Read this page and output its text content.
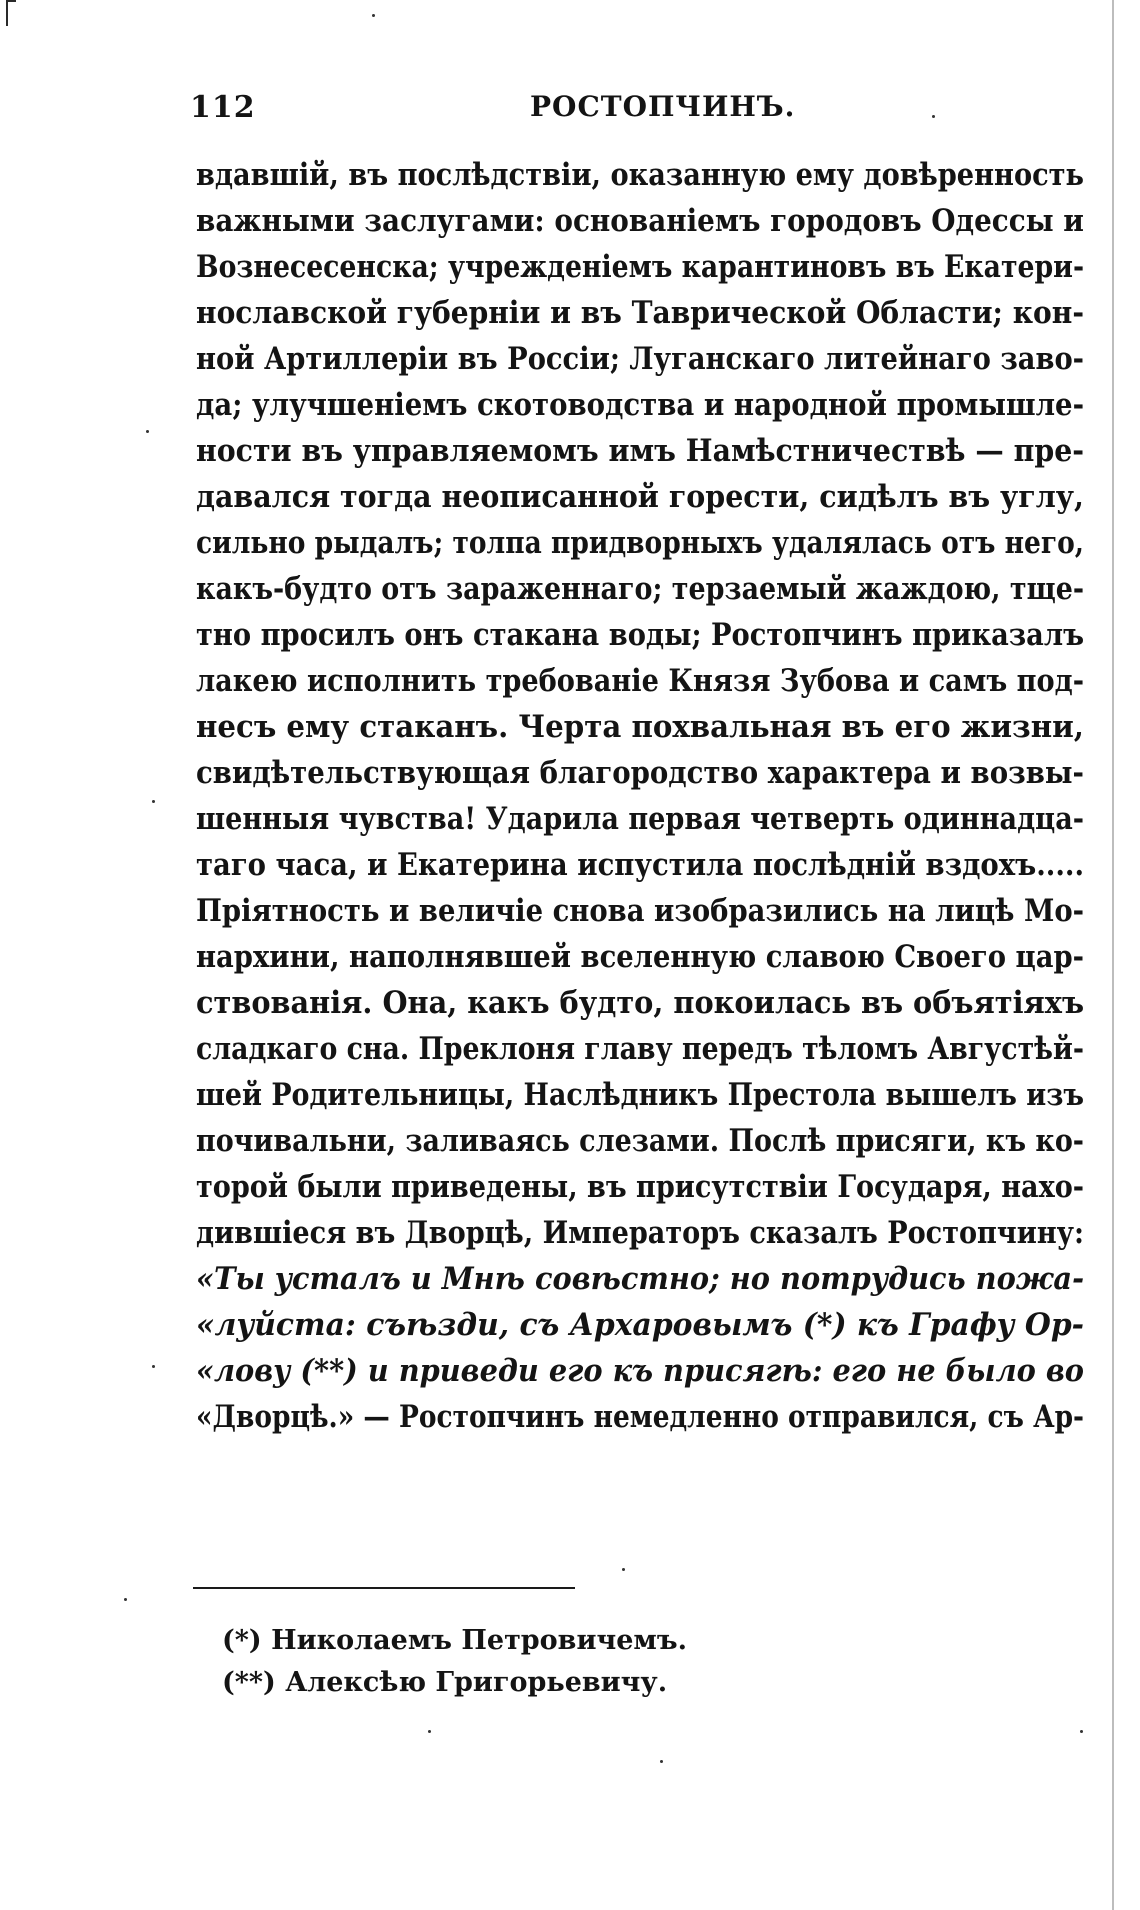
112	РОСТОПЧИНЪ.
вдавшій, въ послѣдствіи, оказанную ему довѣренность
важными заслугами: основаніемъ городовъ Одессы и
Вознесесенска; учрежденіемъ карантиновъ въ Екатери-
нославской губерніи и въ Таврической Области; кон-
ной Артиллеріи въ Россіи; Луганскаго литейнаго заво-
да; улучшеніемъ скотоводства и народной промышле-
ности въ управляемомъ имъ Намѣстничествѣ — пре-
давался тогда неописанной горести, сидѣлъ въ углу,
сильно рыдалъ; толпа придворныхъ удалялась отъ него,
какъ-будто отъ зараженнаго; терзаемый жаждою, тще-
тно просилъ онъ стакана воды; Ростопчинъ приказалъ
лакею исполнить требованіе Князя Зубова и самъ под-
несъ ему стаканъ. Черта похвальная въ его жизни,
свидѣтельствующая благородство характера и возвы-
шенныя чувства! Ударила первая четверть одиннадца-
таго часа, и Екатерина испустила послѣдній вздохъ.....
Пріятность и величіе снова изобразились на лицѣ Мо-
нархини, наполнявшей вселенную славою Своего цар-
ствованія. Она, какъ будто, покоилась въ объятіяхъ
сладкаго сна. Преклоня главу передъ тѣломъ Августѣй-
шей Родительницы, Наслѣдникъ Престола вышелъ изъ
почивальни, заливаясь слезами. Послѣ присяги, къ ко-
торой были приведены, въ присутствіи Государя, нахо-
дившіеся въ Дворцѣ, Императоръ сказалъ Ростопчину:
«Ты усталъ и Мнѣ совѣстно; но потрудись пожа-
«луйста: съѣзди, съ Архаровымъ (*) къ Графу Ор-
«лову (**) и приведи его къ присягѣ: его не было во
«Дворцѣ.» — Ростопчинъ немедленно отправился, съ Ар-
(*) Николаемъ Петровичемъ.
(**) Алексѣю Григорьевичу.
